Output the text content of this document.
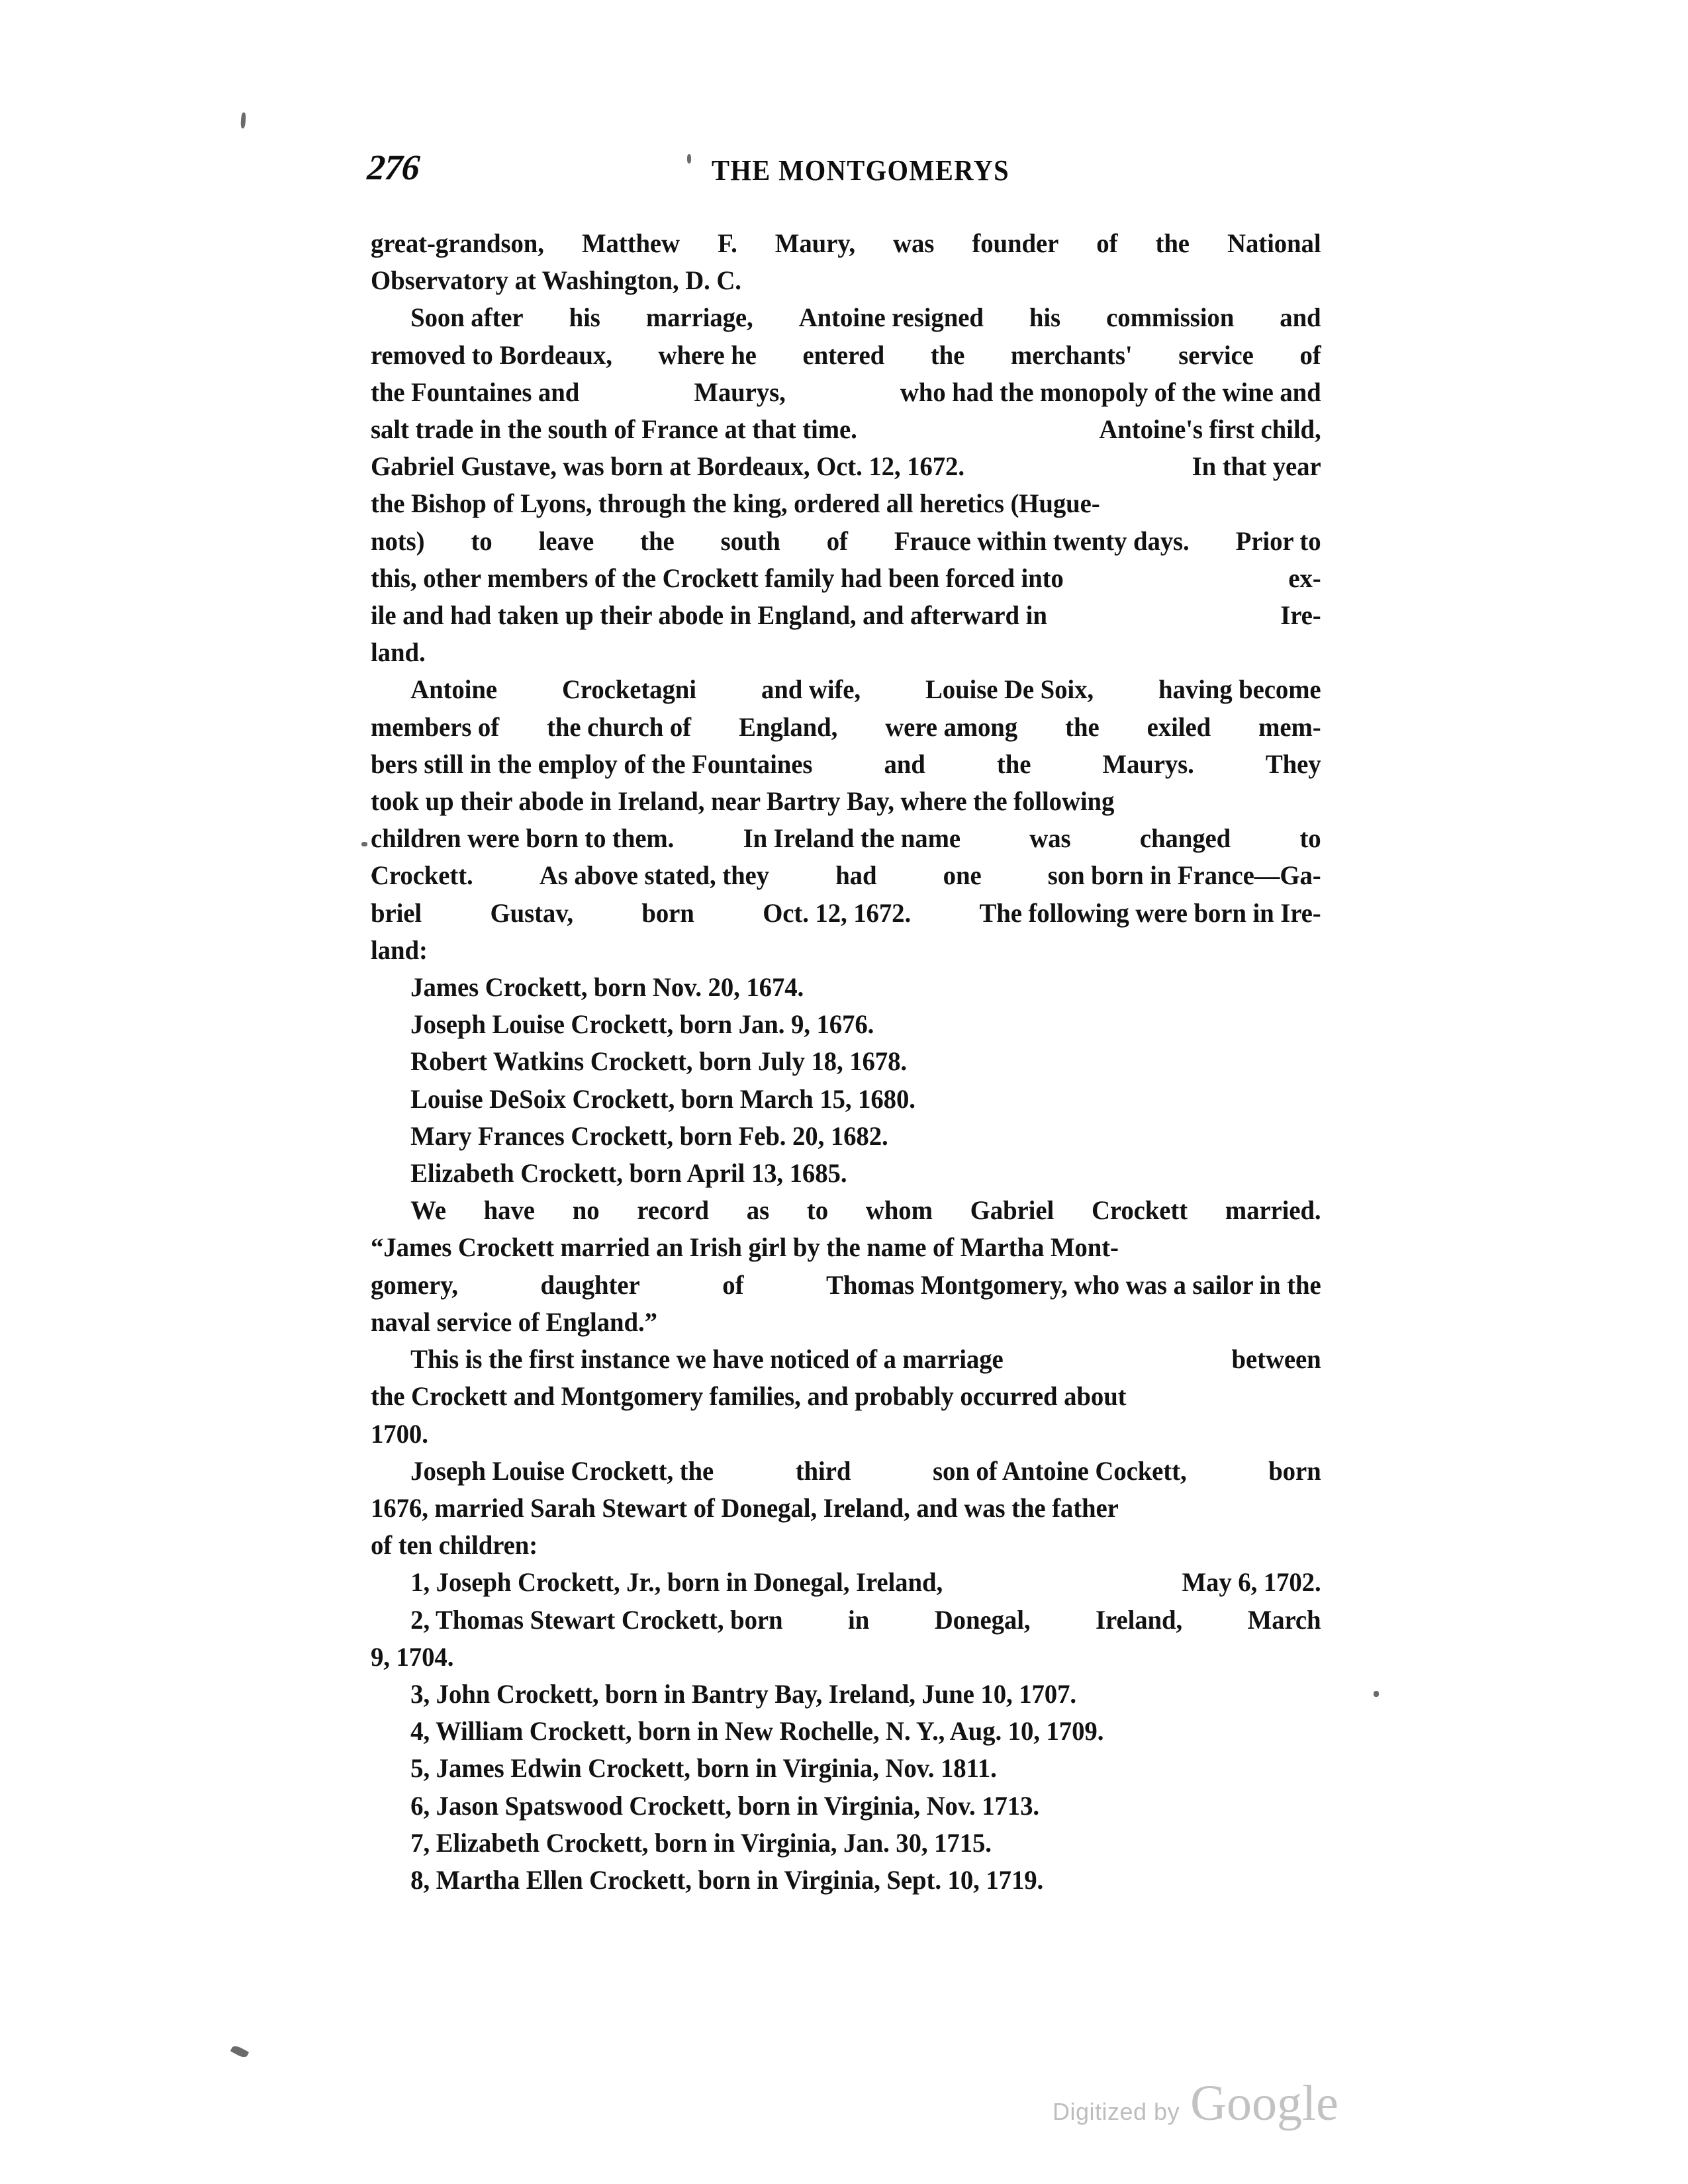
276	THE MONTGOMERYS
great-grandson, Matthew F. Maury, was founder of the National
Observatory at Washington, D. C.
Soon after his marriage, Antoine resigned his commission and
removed to Bordeaux, where he entered the merchants' service of
the Fountaines and	Maurys,	who had the monopoly of the wine and
salt trade in the south of France at that time.	Antoine's first child,
Gabriel Gustave, was born at Bordeaux, Oct. 12, 1672.	In that year
the Bishop of Lyons, through the king, ordered all heretics (Hugue-
nots) to leave the south of Frauce within twenty days. Prior to
this, other members of the Crockett family had been forced into	ex-
ile and had taken up their abode in England, and afterward in	Ire-
land.
Antoine Crocketagni and wife, Louise De Soix, having become
members of the church of England, were among the exiled mem-
bers still in the employ of the Fountaines	and	the	Maurys.	They
took up their abode in Ireland, near Bartry Bay, where the following
children were born to them.	In Ireland the name	was	changed	to
Crockett.	As above stated, they	had	one	son born in France—Ga-
briel	Gustav,	born	Oct. 12, 1672.	The following were born in Ire-
land:
James Crockett, born Nov. 20, 1674.
Joseph Louise Crockett, born Jan. 9, 1676.
Robert Watkins Crockett, born July 18, 1678.
Louise DeSoix Crockett, born March 15, 1680.
Mary Frances Crockett, born Feb. 20, 1682.
Elizabeth Crockett, born April 13, 1685.
We have no record as to whom Gabriel Crockett married.
“James Crockett married an Irish girl by the name of Martha Mont-
gomery,	daughter	of	Thomas Montgomery, who was a sailor in the
naval service of England.”
This is the first instance we have noticed of a marriage	between
the Crockett and Montgomery families, and probably occurred about
1700.
Joseph Louise Crockett, the	third	son of Antoine Cockett,	born
1676, married Sarah Stewart of Donegal, Ireland, and was the father
of ten children:
1, Joseph Crockett, Jr., born in Donegal, Ireland,	May 6, 1702.
2, Thomas Stewart Crockett, born in Donegal, Ireland, March
9, 1704.
3, John Crockett, born in Bantry Bay, Ireland, June 10, 1707.
4, William Crockett, born in New Rochelle, N. Y., Aug. 10, 1709.
5, James Edwin Crockett, born in Virginia, Nov. 1811.
6, Jason Spatswood Crockett, born in Virginia, Nov. 1713.
7, Elizabeth Crockett, born in Virginia, Jan. 30, 1715.
8, Martha Ellen Crockett, born in Virginia, Sept. 10, 1719.
Digitized by Google
